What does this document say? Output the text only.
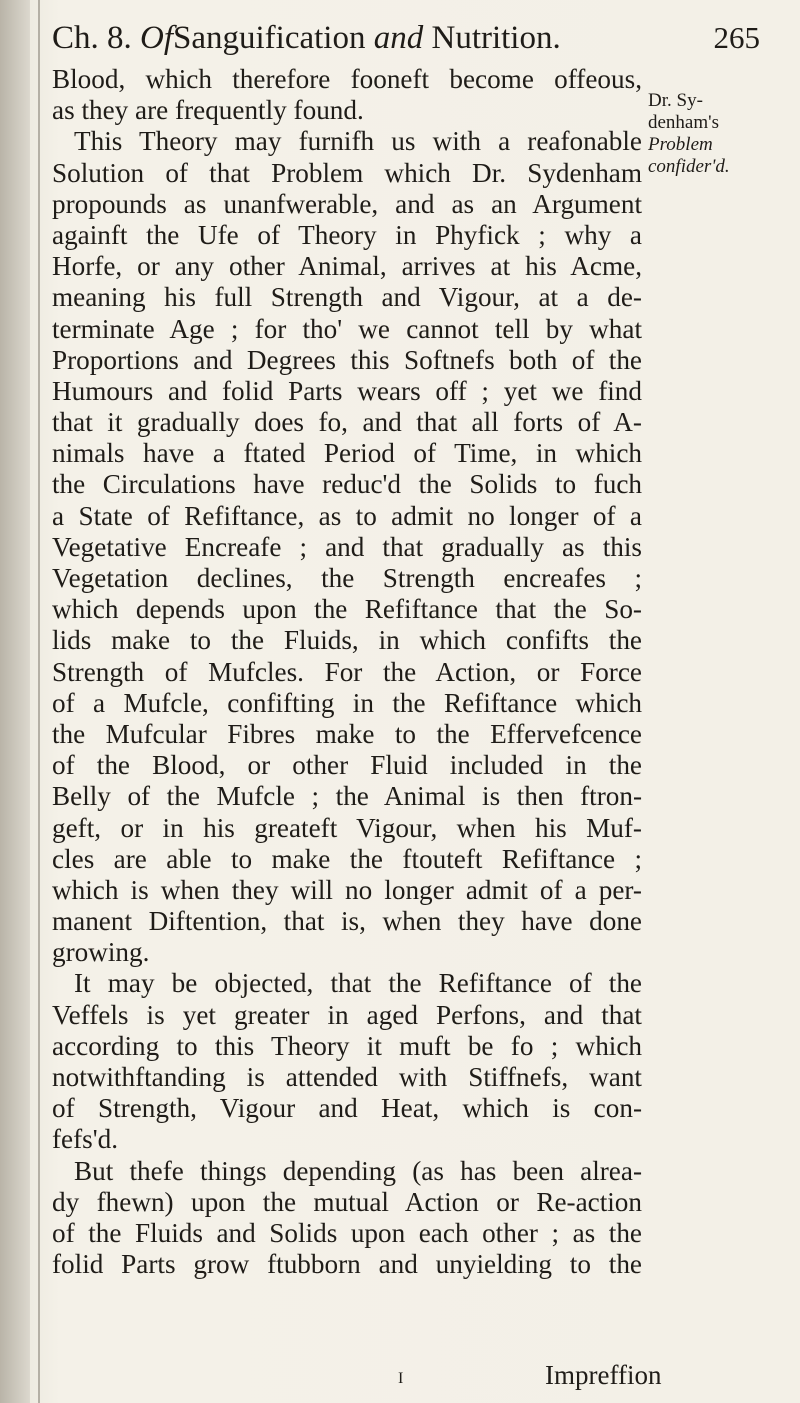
Ch. 8. OfSanguification and Nutrition.	265
Blood, which therefore fooneft become offeous,
as they are frequently found.
This Theory may furnifh us with a reafonable
Solution of that Problem which Dr. Sydenham
propounds as unanfwerable, and as an Argument
againft the Ufe of Theory in Phyfick ; why a
Horfe, or any other Animal, arrives at his Acme,
meaning his full Strength and Vigour, at a de-
terminate Age ; for tho' we cannot tell by what
Proportions and Degrees this Softnefs both of the
Humours and folid Parts wears off ; yet we find
that it gradually does fo, and that all forts of A-
nimals have a ftated Period of Time, in which
the Circulations have reduc'd the Solids to fuch
a State of Refiftance, as to admit no longer of a
Vegetative Encreafe ; and that gradually as this
Vegetation declines, the Strength encreafes ;
which depends upon the Refiftance that the So-
lids make to the Fluids, in which confifts the
Strength of Mufcles. For the Action, or Force
of a Mufcle, confifting in the Refiftance which
the Mufcular Fibres make to the Effervefcence
of the Blood, or other Fluid included in the
Belly of the Mufcle ; the Animal is then ftron-
geft, or in his greateft Vigour, when his Muf-
cles are able to make the ftouteft Refiftance ;
which is when they will no longer admit of a per-
manent Diftention, that is, when they have done
growing.
It may be objected, that the Refiftance of the
Veffels is yet greater in aged Perfons, and that
according to this Theory it muft be fo ; which
notwithftanding is attended with Stiffnefs, want
of Strength, Vigour and Heat, which is con-
fefs'd.
But thefe things depending (as has been alrea-
dy fhewn) upon the mutual Action or Re-action
of the Fluids and Solids upon each other ; as the
folid Parts grow ftubborn and unyielding to the
Dr. Sy-
denham's
Problem
confider'd.
I	Impreffion
